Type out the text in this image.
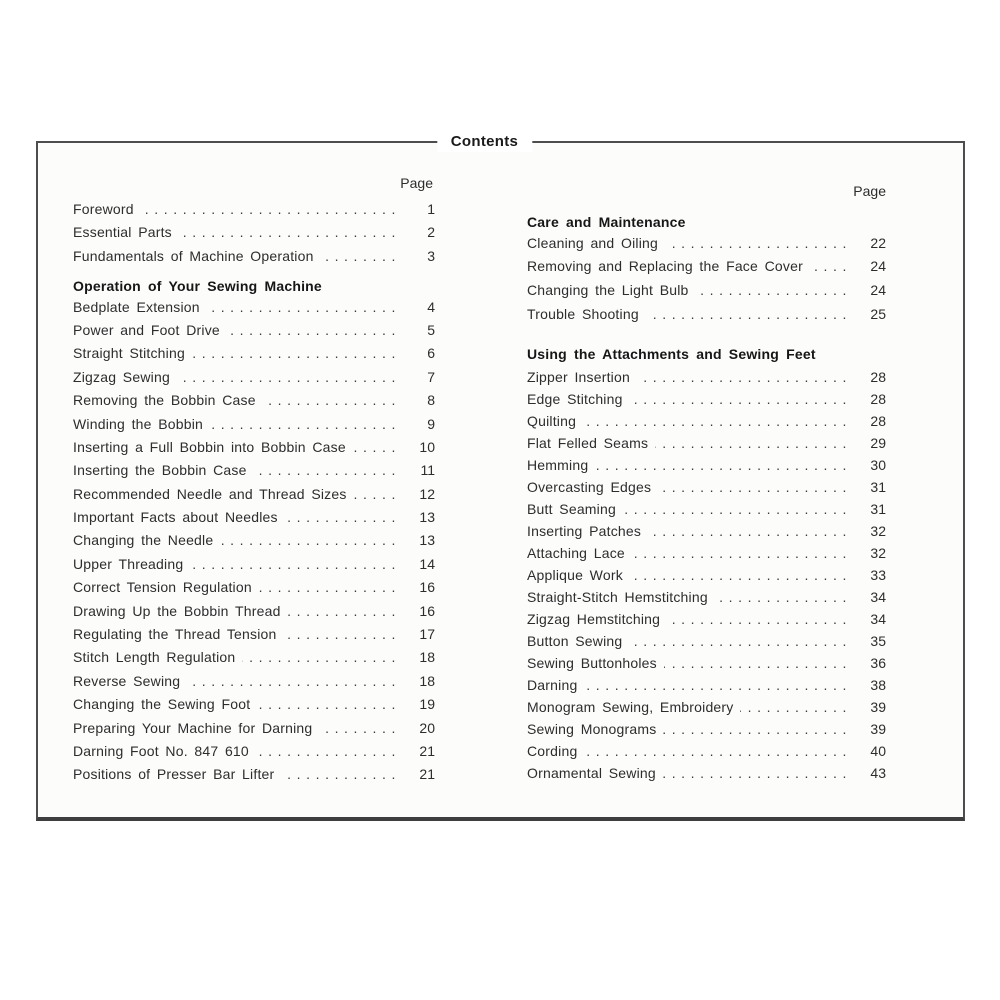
Contents
Page
Foreword .....	1
Essential Parts .....	2
Fundamentals of Machine Operation .....	3
Operation of Your Sewing Machine
Bedplate Extension .....	4
Power and Foot Drive .....	5
Straight Stitching .....	6
Zigzag Sewing .....	7
Removing the Bobbin Case .....	8
Winding the Bobbin .....	9
Inserting a Full Bobbin into Bobbin Case .....	10
Inserting the Bobbin Case .....	11
Recommended Needle and Thread Sizes .....	12
Important Facts about Needles .....	13
Changing the Needle .....	13
Upper Threading .....	14
Correct Tension Regulation .....	16
Drawing Up the Bobbin Thread .....	16
Regulating the Thread Tension .....	17
Stitch Length Regulation .....	18
Reverse Sewing .....	18
Changing the Sewing Foot .....	19
Preparing Your Machine for Darning .....	20
Darning Foot No. 847 610 .....	21
Positions of Presser Bar Lifter .....	21
Page
Care and Maintenance
Cleaning and Oiling .....	22
Removing and Replacing the Face Cover .....	24
Changing the Light Bulb .....	24
Trouble Shooting .....	25
Using the Attachments and Sewing Feet
Zipper Insertion .....	28
Edge Stitching .....	28
Quilting .....	28
Flat Felled Seams .....	29
Hemming .....	30
Overcasting Edges .....	31
Butt Seaming .....	31
Inserting Patches .....	32
Attaching Lace .....	32
Applique Work .....	33
Straight-Stitch Hemstitching .....	34
Zigzag Hemstitching .....	34
Button Sewing .....	35
Sewing Buttonholes .....	36
Darning .....	38
Monogram Sewing, Embroidery .....	39
Sewing Monograms .....	39
Cording .....	40
Ornamental Sewing .....	43
